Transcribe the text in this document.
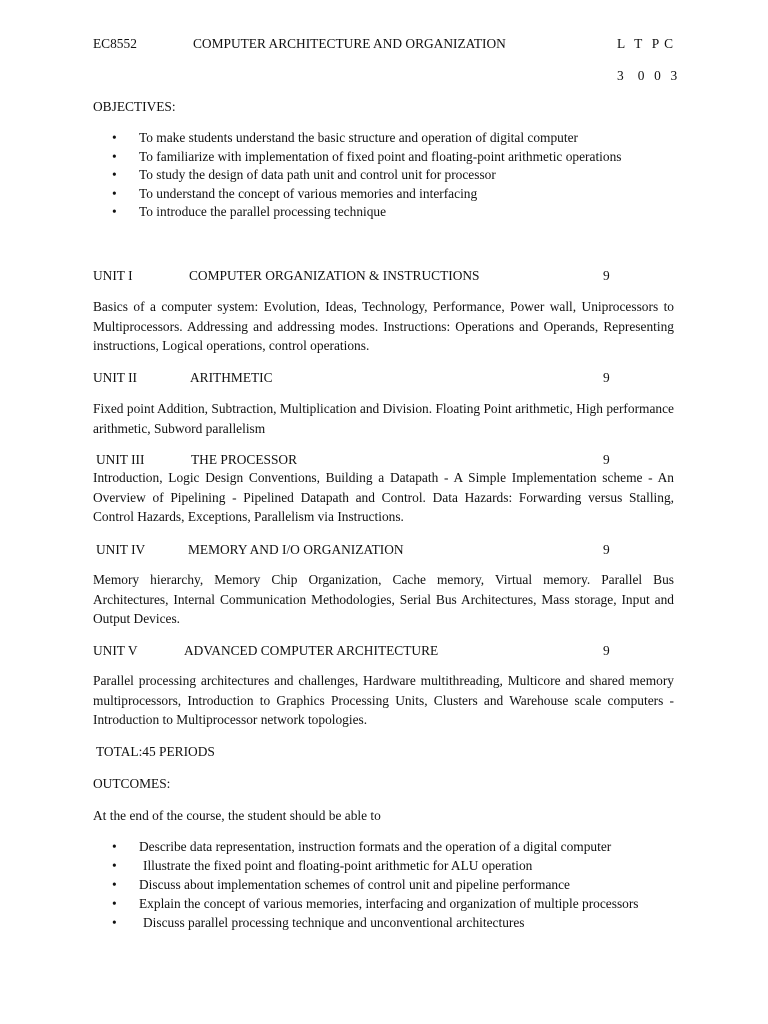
EC8552	COMPUTER ARCHITECTURE AND ORGANIZATION	L  T  P C
3   0  0  3
OBJECTIVES:
• To make students understand the basic structure and operation of digital computer
• To familiarize with implementation of fixed point and floating-point arithmetic operations
• To study the design of data path unit and control unit for processor
• To understand the concept of various memories and interfacing
• To introduce the parallel processing technique
UNIT I	COMPUTER ORGANIZATION & INSTRUCTIONS	9
Basics of a computer system: Evolution, Ideas, Technology, Performance, Power wall, Uniprocessors to Multiprocessors. Addressing and addressing modes. Instructions: Operations and Operands, Representing instructions, Logical operations, control operations.
UNIT II	ARITHMETIC	9
Fixed point Addition, Subtraction, Multiplication and Division. Floating Point arithmetic, High performance arithmetic, Subword parallelism
UNIT III	THE PROCESSOR	9
Introduction, Logic Design Conventions, Building a Datapath - A Simple Implementation scheme - An Overview of Pipelining - Pipelined Datapath and Control. Data Hazards: Forwarding versus Stalling, Control Hazards, Exceptions, Parallelism via Instructions.
UNIT IV	MEMORY AND I/O ORGANIZATION	9
Memory hierarchy, Memory Chip Organization, Cache memory, Virtual memory. Parallel Bus Architectures, Internal Communication Methodologies, Serial Bus Architectures, Mass storage, Input and Output Devices.
UNIT V	ADVANCED COMPUTER ARCHITECTURE	9
Parallel processing architectures and challenges, Hardware multithreading, Multicore and shared memory multiprocessors, Introduction to Graphics Processing Units, Clusters and Warehouse scale computers - Introduction to Multiprocessor network topologies.
TOTAL:45 PERIODS
OUTCOMES:
At the end of the course, the student should be able to
• Describe data representation, instruction formats and the operation of a digital computer
• Illustrate the fixed point and floating-point arithmetic for ALU operation
• Discuss about implementation schemes of control unit and pipeline performance
• Explain the concept of various memories, interfacing and organization of multiple processors
• Discuss parallel processing technique and unconventional architectures
